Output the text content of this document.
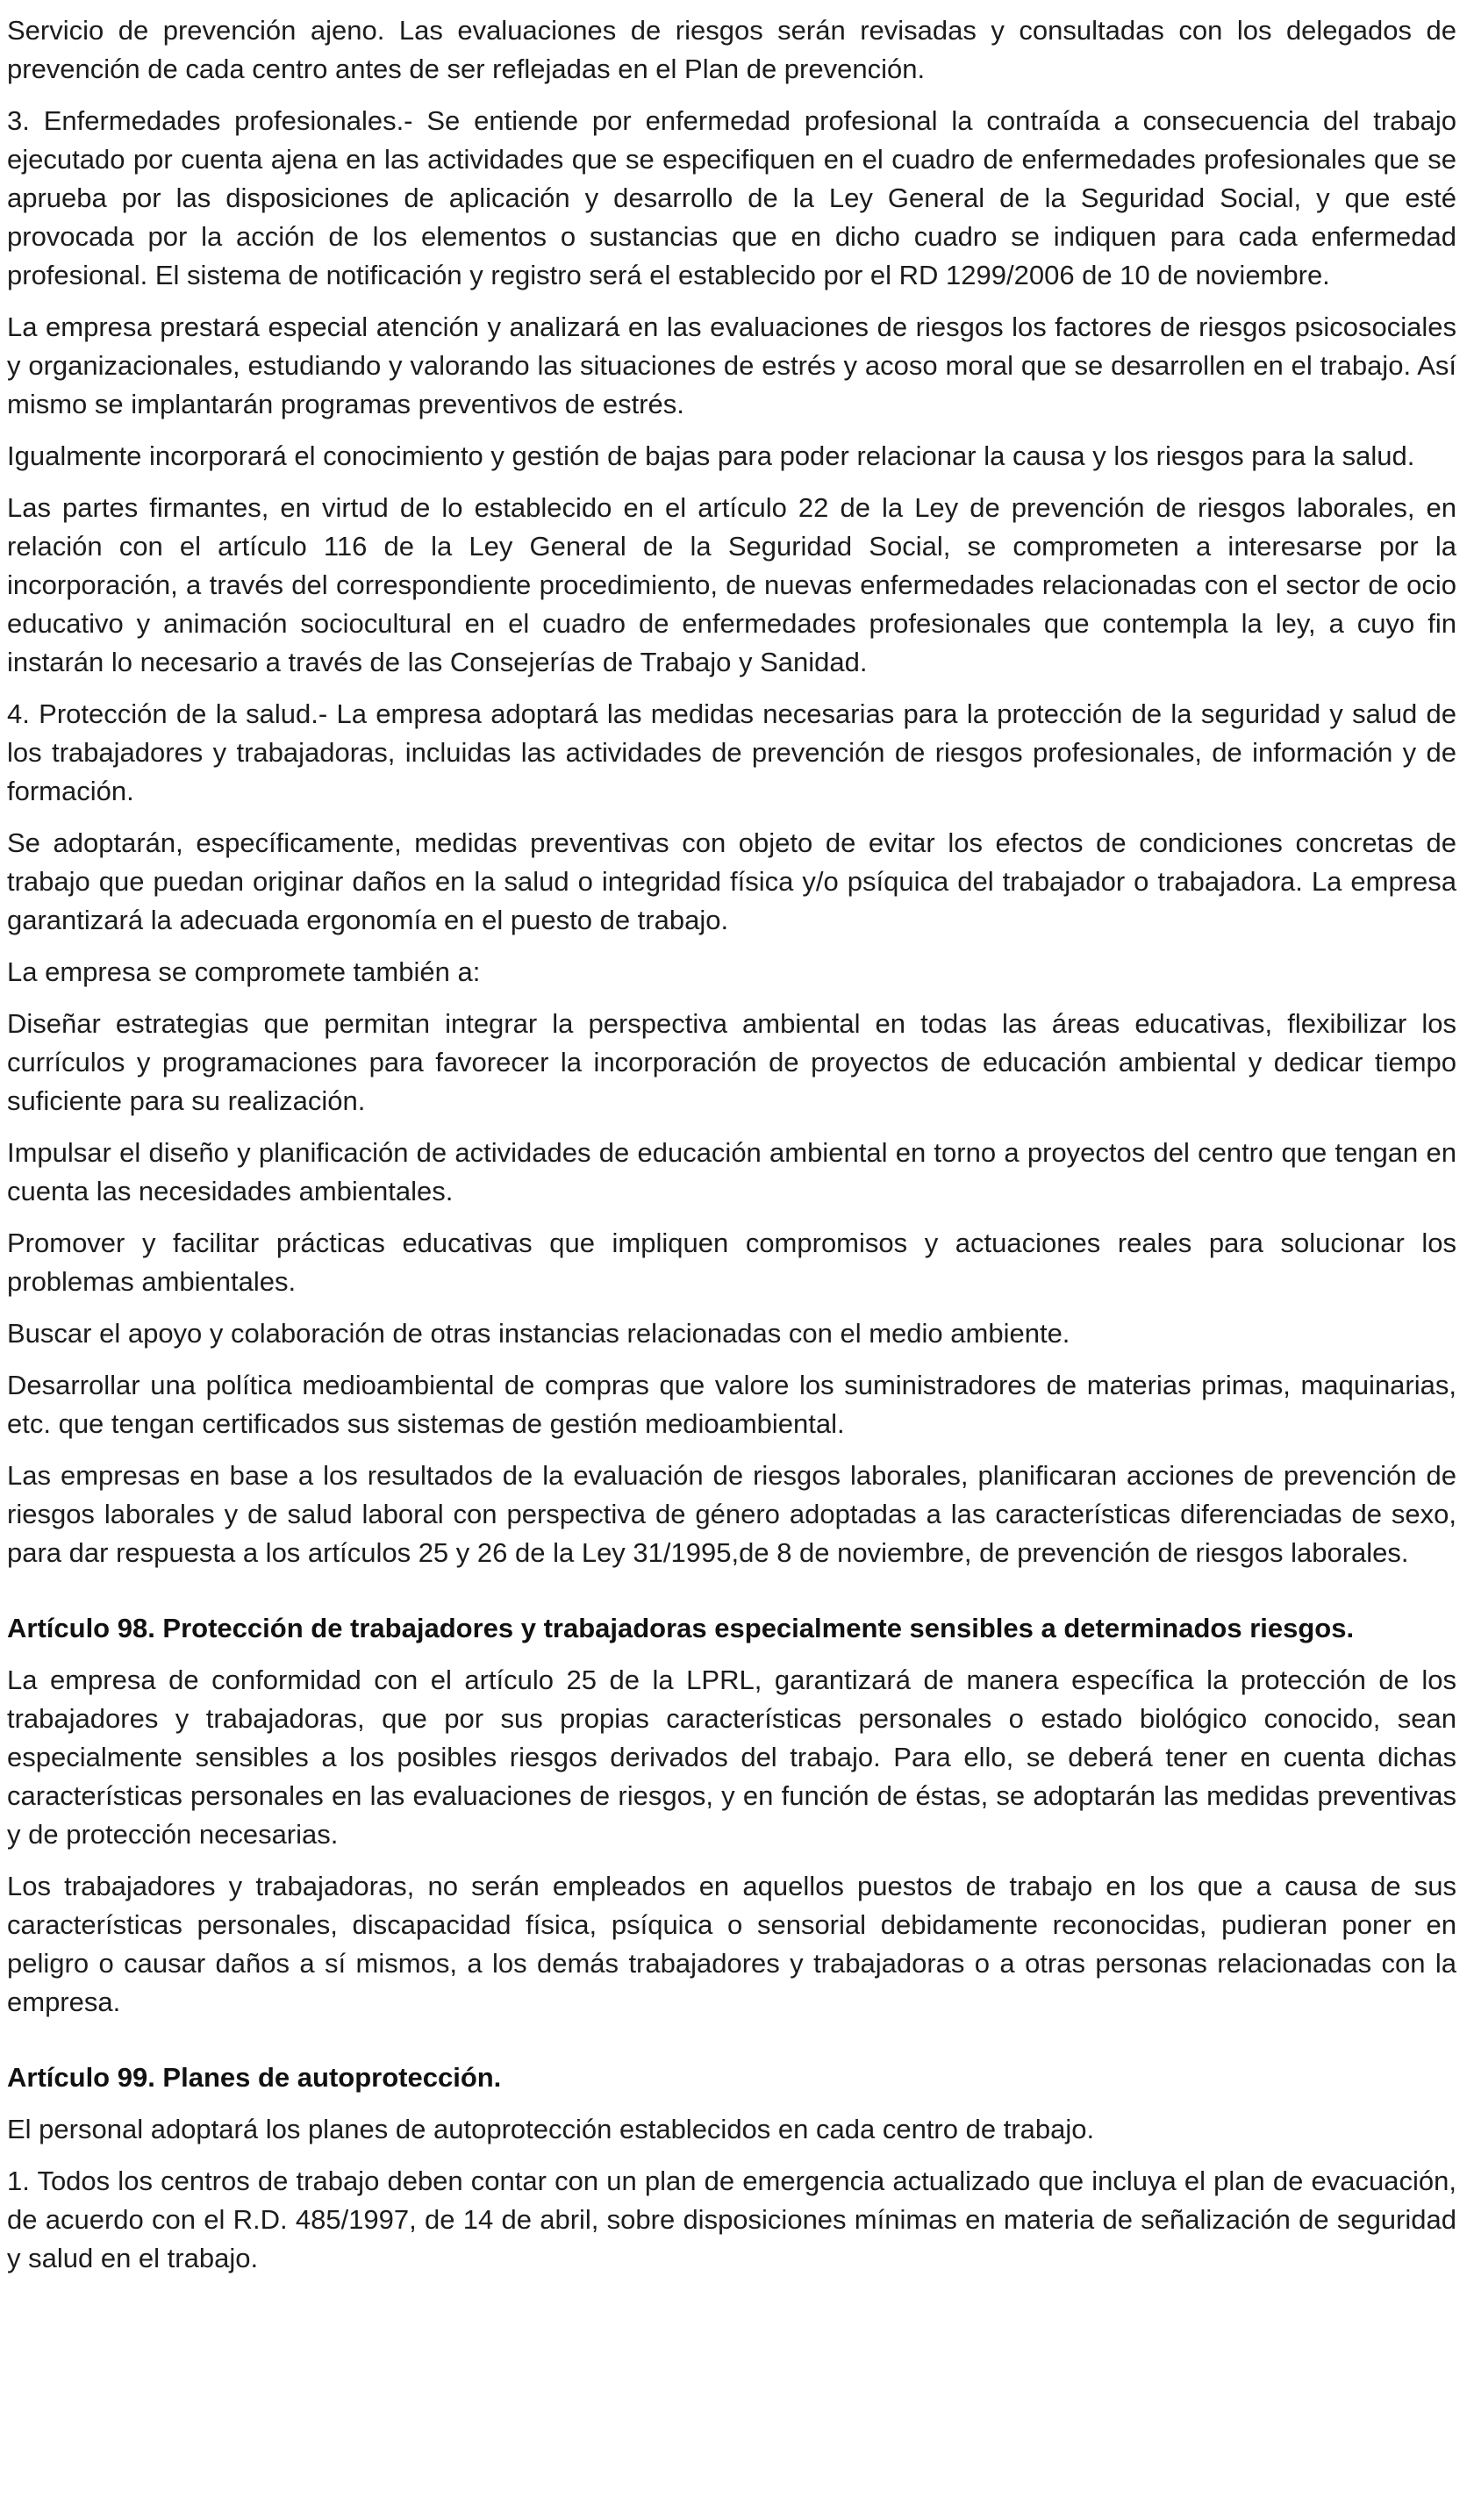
Servicio de prevención ajeno. Las evaluaciones de riesgos serán revisadas y consultadas con los delegados de prevención de cada centro antes de ser reflejadas en el Plan de prevención.

3. Enfermedades profesionales.- Se entiende por enfermedad profesional la contraída a consecuencia del trabajo ejecutado por cuenta ajena en las actividades que se especifiquen en el cuadro de enfermedades profesionales que se aprueba por las disposiciones de aplicación y desarrollo de la Ley General de la Seguridad Social, y que esté provocada por la acción de los elementos o sustancias que en dicho cuadro se indiquen para cada enfermedad profesional. El sistema de notificación y registro será el establecido por el RD 1299/2006 de 10 de noviembre.

La empresa prestará especial atención y analizará en las evaluaciones de riesgos los factores de riesgos psicosociales y organizacionales, estudiando y valorando las situaciones de estrés y acoso moral que se desarrollen en el trabajo. Así mismo se implantarán programas preventivos de estrés.

Igualmente incorporará el conocimiento y gestión de bajas para poder relacionar la causa y los riesgos para la salud.

Las partes firmantes, en virtud de lo establecido en el artículo 22 de la Ley de prevención de riesgos laborales, en relación con el artículo 116 de la Ley General de la Seguridad Social, se comprometen a interesarse por la incorporación, a través del correspondiente procedimiento, de nuevas enfermedades relacionadas con el sector de ocio educativo y animación sociocultural en el cuadro de enfermedades profesionales que contempla la ley, a cuyo fin instarán lo necesario a través de las Consejerías de Trabajo y Sanidad.

4. Protección de la salud.- La empresa adoptará las medidas necesarias para la protección de la seguridad y salud de los trabajadores y trabajadoras, incluidas las actividades de prevención de riesgos profesionales, de información y de formación.

Se adoptarán, específicamente, medidas preventivas con objeto de evitar los efectos de condiciones concretas de trabajo que puedan originar daños en la salud o integridad física y/o psíquica del trabajador o trabajadora. La empresa garantizará la adecuada ergonomía en el puesto de trabajo.

La empresa se compromete también a:

Diseñar estrategias que permitan integrar la perspectiva ambiental en todas las áreas educativas, flexibilizar los currículos y programaciones para favorecer la incorporación de proyectos de educación ambiental y dedicar tiempo suficiente para su realización.

Impulsar el diseño y planificación de actividades de educación ambiental en torno a proyectos del centro que tengan en cuenta las necesidades ambientales.

Promover y facilitar prácticas educativas que impliquen compromisos y actuaciones reales para solucionar los problemas ambientales.

Buscar el apoyo y colaboración de otras instancias relacionadas con el medio ambiente.

Desarrollar una política medioambiental de compras que valore los suministradores de materias primas, maquinarias, etc. que tengan certificados sus sistemas de gestión medioambiental.

Las empresas en base a los resultados de la evaluación de riesgos laborales, planificaran acciones de prevención de riesgos laborales y de salud laboral con perspectiva de género adoptadas a las características diferenciadas de sexo, para dar respuesta a los artículos 25 y 26 de la Ley 31/1995,de 8 de noviembre, de prevención de riesgos laborales.

Artículo 98. Protección de trabajadores y trabajadoras especialmente sensibles a determinados riesgos.

La empresa de conformidad con el artículo 25 de la LPRL, garantizará de manera específica la protección de los trabajadores y trabajadoras, que por sus propias características personales o estado biológico conocido, sean especialmente sensibles a los posibles riesgos derivados del trabajo. Para ello, se deberá tener en cuenta dichas características personales en las evaluaciones de riesgos, y en función de éstas, se adoptarán las medidas preventivas y de protección necesarias.

Los trabajadores y trabajadoras, no serán empleados en aquellos puestos de trabajo en los que a causa de sus características personales, discapacidad física, psíquica o sensorial debidamente reconocidas, pudieran poner en peligro o causar daños a sí mismos, a los demás trabajadores y trabajadoras o a otras personas relacionadas con la empresa.

Artículo 99. Planes de autoprotección.

El personal adoptará los planes de autoprotección establecidos en cada centro de trabajo.

1. Todos los centros de trabajo deben contar con un plan de emergencia actualizado que incluya el plan de evacuación, de acuerdo con el R.D. 485/1997, de 14 de abril, sobre disposiciones mínimas en materia de señalización de seguridad y salud en el trabajo.
